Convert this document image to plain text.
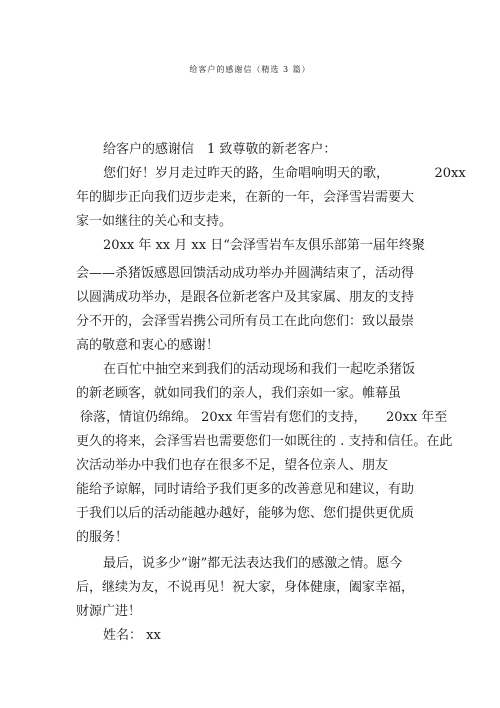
给客户的感谢信（精选 3 篇）
给客户的感谢信　1 致尊敬的新老客户：
您们好！岁月走过昨天的路，生命唱响明天的歌，　　　　20xx
年的脚步正向我们迈步走来，在新的一年，会泽雪岩需要大
家一如继往的关心和支持。
20xx 年 xx 月 xx 日“会泽雪岩车友俱乐部第一届年终聚
会——杀猪饭感恩回馈活动成功举办并圆满结束了，活动得
以圆满成功举办，是跟各位新老客户及其家属、朋友的支持
分不开的，会泽雪岩携公司所有员工在此向您们：致以最崇
高的敬意和衷心的感谢！
在百忙中抽空来到我们的活动现场和我们一起吃杀猪饭
的新老顾客，就如同我们的亲人，我们亲如一家。帷幕虽
徐落，情谊仍绵绵。 20xx 年雪岩有您们的支持，　　20xx 年至
更久的将来，会泽雪岩也需要您们一如既往的 . 支持和信任。在此
次活动举办中我们也存在很多不足，望各位亲人、朋友
能给予谅解，同时请给予我们更多的改善意见和建议，有助
于我们以后的活动能越办越好，能够为您、您们提供更优质
的服务！
最后，说多少“谢”都无法表达我们的感激之情。愿今
后，继续为友，不说再见！祝大家，身体健康，阖家幸福，
财源广进！
姓名： xx
